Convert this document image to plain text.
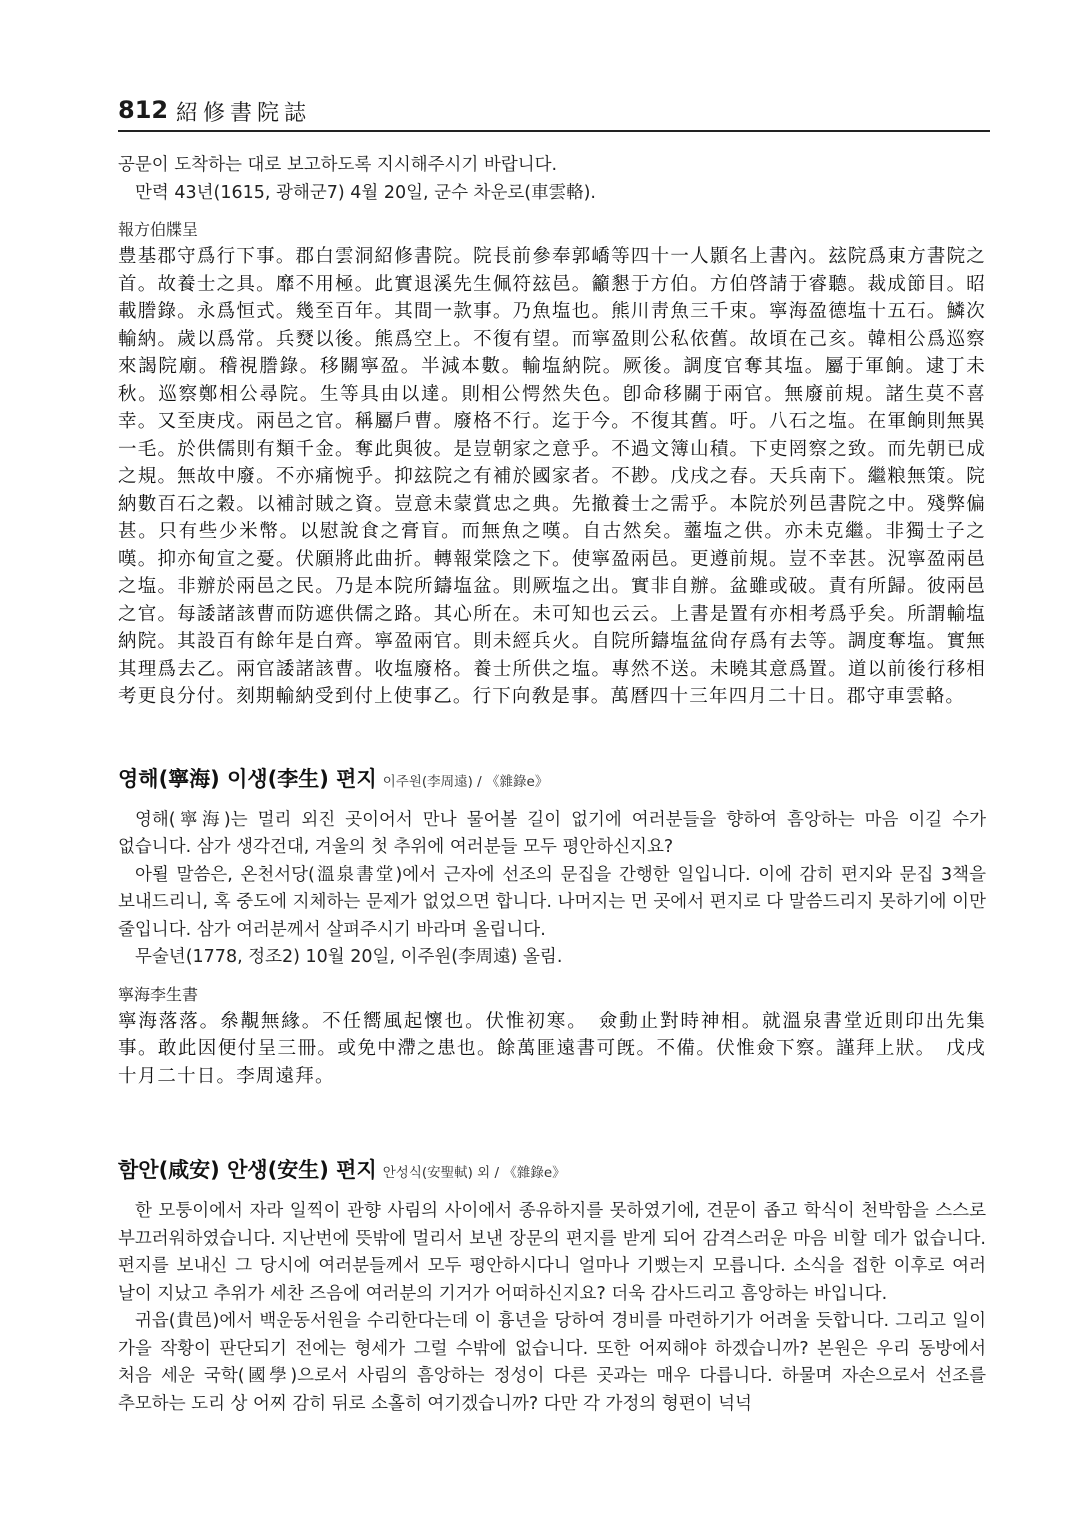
812 紹修書院誌

공문이 도착하는 대로 보고하도록 지시해주시기 바랍니다.

만력 43년(1615, 광해군7) 4월 20일, 군수 차운로(車雲輅).

報方伯牒呈

豊基郡守爲行下事。郡白雲洞紹修書院。院長前參奉郭嶠等四十一人顥名上書內。玆院爲東方書院之首。故養士之具。靡不用極。此實退溪先生佩符玆邑。籲懇于方伯。方伯啓請于睿聽。裁成節目。昭載謄錄。永爲恒式。幾至百年。其間一款事。乃魚塩也。熊川靑魚三千束。寧海盈德塩十五石。鱗次輸納。歲以爲常。兵燹以後。熊爲空上。不復有望。而寧盈則公私依舊。故頃在己亥。韓相公爲巡察來謁院廟。稽視謄錄。移關寧盈。半減本數。輸塩納院。厥後。調度官奪其塩。屬于軍餉。逮丁未秋。巡察鄭相公尋院。生等具由以達。則相公愕然失色。卽命移關于兩官。無廢前規。諸生莫不喜幸。又至庚戌。兩邑之官。稱屬戶曹。廢格不行。迄于今。不復其舊。吁。八石之塩。在軍餉則無異一毛。於供儒則有類千金。奪此與彼。是豈朝家之意乎。不過文簿山積。下吏罔察之致。而先朝已成之規。無故中廢。不亦痛惋乎。抑玆院之有補於國家者。不尠。戊戌之春。天兵南下。繼粮無策。院納數百石之穀。以補討賊之資。豈意未蒙賞忠之典。先撤養士之需乎。本院於列邑書院之中。殘弊偏甚。只有些少米幣。以慰說食之膏盲。而無魚之嘆。自古然矣。虀塩之供。亦未克繼。非獨士子之嘆。抑亦甸宣之憂。伏願將此曲折。轉報棠陰之下。使寧盈兩邑。更遵前規。豈不幸甚。況寧盈兩邑之塩。非辦於兩邑之民。乃是本院所鑄塩盆。則厥塩之出。實非自辦。盆雖或破。責有所歸。彼兩邑之官。每諉諸該曹而防遮供儒之路。其心所在。未可知也云云。上書是置有亦相考爲乎矣。所謂輸塩納院。其設百有餘年是白齊。寧盈兩官。則未經兵火。自院所鑄塩盆尙存爲有去等。調度奪塩。實無其理爲去乙。兩官諉諸該曹。收塩廢格。養士所供之塩。專然不送。未曉其意爲置。道以前後行移相考更良分付。刻期輸納受到付上使事乙。行下向敎是事。萬曆四十三年四月二十日。郡守車雲輅。

영해(寧海) 이생(李生) 편지 이주원(李周遠) / 《雜錄e》

영해(寧海)는 멀리 외진 곳이어서 만나 물어볼 길이 없기에 여러분들을 향하여 흠앙하는 마음 이길 수가 없습니다. 삼가 생각건대, 겨울의 첫 추위에 여러분들 모두 평안하신지요?

아뢸 말씀은, 온천서당(溫泉書堂)에서 근자에 선조의 문집을 간행한 일입니다. 이에 감히 편지와 문집 3책을 보내드리니, 혹 중도에 지체하는 문제가 없었으면 합니다. 나머지는 먼 곳에서 편지로 다 말씀드리지 못하기에 이만 줄입니다. 삼가 여러분께서 살펴주시기 바라며 올립니다.

무술년(1778, 정조2) 10월 20일, 이주원(李周遠) 올림.

寧海李生書

寧海落落。㕘覯無緣。不任嚮風起懷也。伏惟初寒。　僉動止對時神相。就溫泉書堂近則印出先集事。敢此因便付呈三冊。或免中滯之患也。餘萬匪遠書可旣。不備。伏惟僉下察。謹拜上狀。　戊戌十月二十日。李周遠拜。

함안(咸安) 안생(安生) 편지 안성식(安聖軾) 외 / 《雜錄e》

한 모퉁이에서 자라 일찍이 관향 사림의 사이에서 종유하지를 못하였기에, 견문이 좁고 학식이 천박함을 스스로 부끄러워하였습니다. 지난번에 뜻밖에 멀리서 보낸 장문의 편지를 받게 되어 감격스러운 마음 비할 데가 없습니다. 편지를 보내신 그 당시에 여러분들께서 모두 평안하시다니 얼마나 기뻤는지 모릅니다. 소식을 접한 이후로 여러 날이 지났고 추위가 세찬 즈음에 여러분의 기거가 어떠하신지요? 더욱 감사드리고 흠앙하는 바입니다.

귀읍(貴邑)에서 백운동서원을 수리한다는데 이 흉년을 당하여 경비를 마련하기가 어려울 듯합니다. 그리고 일이 가을 작황이 판단되기 전에는 형세가 그럴 수밖에 없습니다. 또한 어찌해야 하겠습니까? 본원은 우리 동방에서 처음 세운 국학(國學)으로서 사림의 흠앙하는 정성이 다른 곳과는 매우 다릅니다. 하물며 자손으로서 선조를 추모하는 도리 상 어찌 감히 뒤로 소홀히 여기겠습니까? 다만 각 가정의 형편이 넉넉
